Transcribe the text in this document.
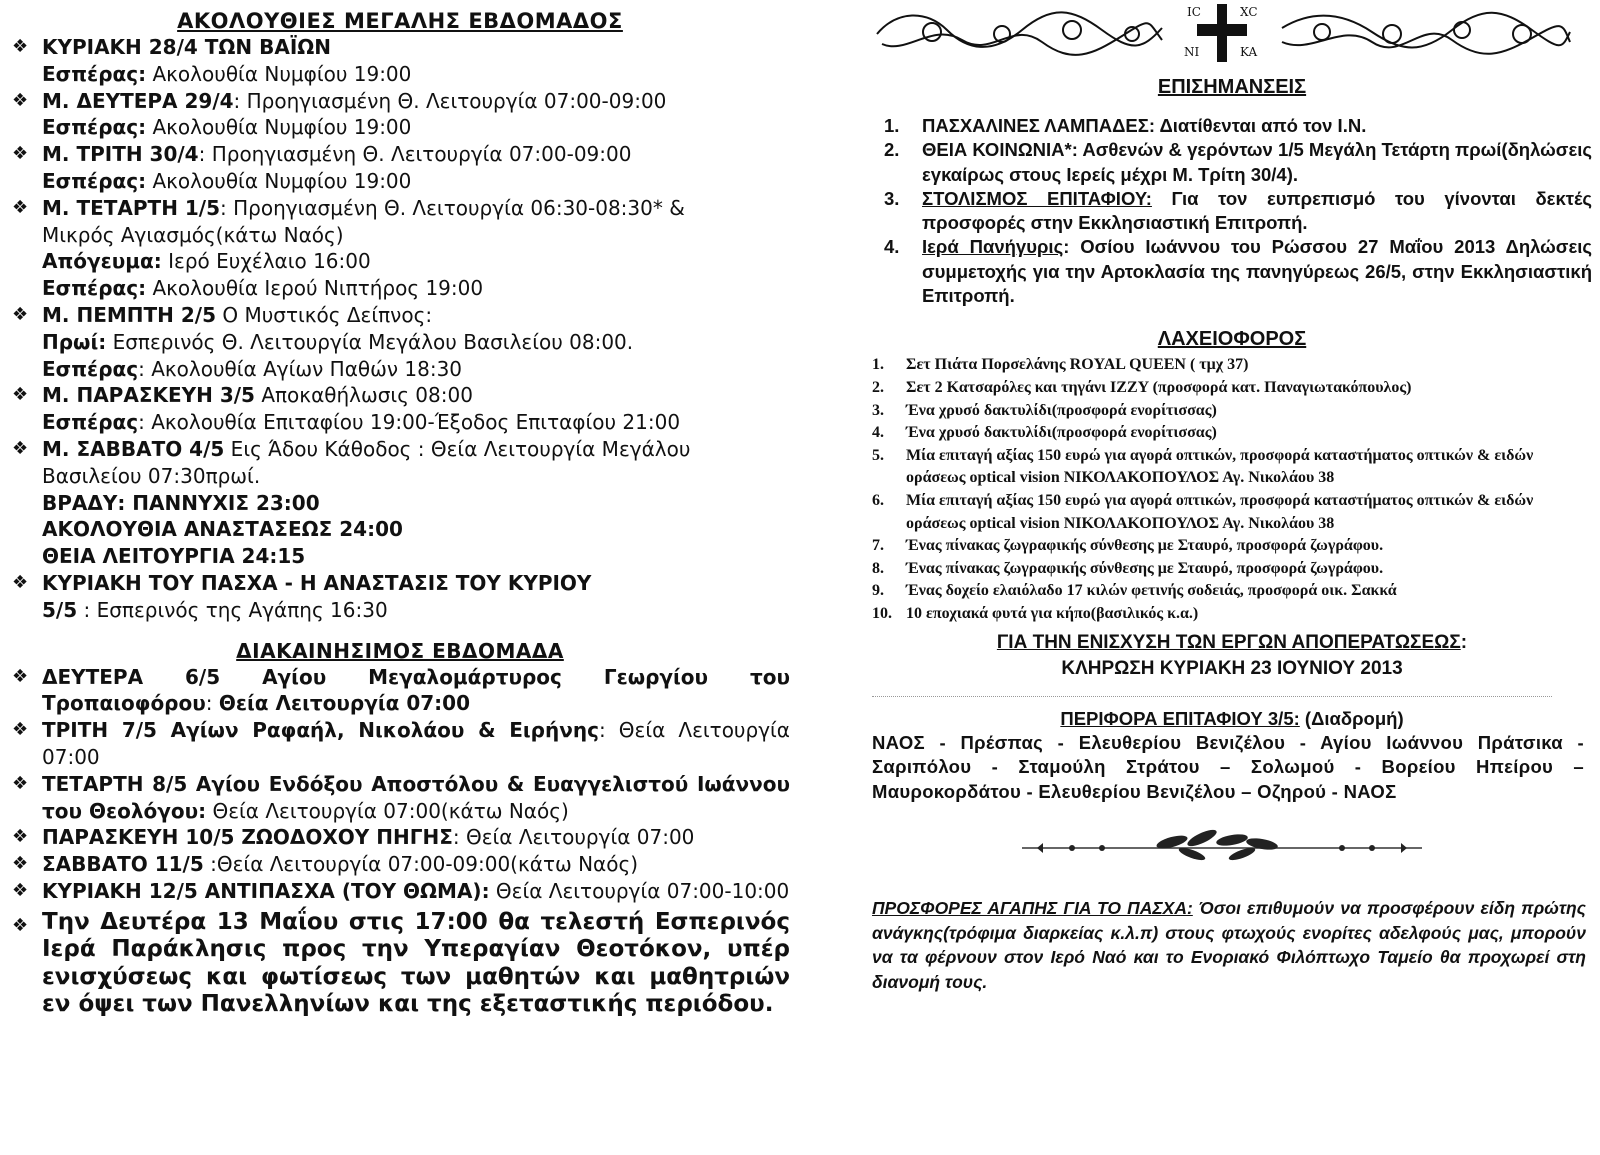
ΑΚΟΛΟΥΘΙΕΣ ΜΕΓΑΛΗΣ ΕΒΔΟΜΑΔΟΣ
❖ ΚΥΡΙΑΚΗ 28/4 ΤΩΝ ΒΑΪΩΝ
Εσπέρας: Ακολουθία Νυμφίου 19:00
❖ Μ. ΔΕΥΤΕΡΑ 29/4: Προηγιασμένη Θ. Λειτουργία 07:00-09:00
Εσπέρας: Ακολουθία Νυμφίου 19:00
❖ Μ. ΤΡΙΤΗ 30/4: Προηγιασμένη Θ. Λειτουργία 07:00-09:00
Εσπέρας: Ακολουθία Νυμφίου 19:00
❖ Μ. ΤΕΤΑΡΤΗ 1/5: Προηγιασμένη Θ. Λειτουργία 06:30-08:30* &
Μικρός Αγιασμός(κάτω Ναός)
Απόγευμα: Ιερό Ευχέλαιο 16:00
Εσπέρας: Ακολουθία Ιερού Νιπτήρος 19:00
❖ Μ. ΠΕΜΠΤΗ 2/5 Ο Μυστικός Δείπνος:
Πρωί: Εσπερινός Θ. Λειτουργία Μεγάλου Βασιλείου 08:00.
Εσπέρας: Ακολουθία Αγίων Παθών 18:30
❖ Μ. ΠΑΡΑΣΚΕΥΗ 3/5 Αποκαθήλωσις 08:00
Εσπέρας: Ακολουθία Επιταφίου 19:00-Έξοδος Επιταφίου 21:00
❖ Μ. ΣΑΒΒΑΤΟ 4/5 Εις Άδου Κάθοδος : Θεία Λειτουργία Μεγάλου
Βασιλείου 07:30πρωί.
ΒΡΑΔΥ: ΠΑΝΝΥΧΙΣ 23:00
ΑΚΟΛΟΥΘΙΑ ΑΝΑΣΤΑΣΕΩΣ 24:00
ΘΕΙΑ ΛΕΙΤΟΥΡΓΙΑ 24:15
❖ ΚΥΡΙΑΚΗ ΤΟΥ ΠΑΣΧΑ - Η ΑΝΑΣΤΑΣΙΣ ΤΟΥ ΚΥΡΙΟΥ
5/5 : Εσπερινός της Αγάπης 16:30
ΔΙΑΚΑΙΝΗΣΙΜΟΣ ΕΒΔΟΜΑΔΑ
❖ ΔΕΥΤΕΡΑ 6/5 Αγίου Μεγαλομάρτυρος Γεωργίου του Τροπαιοφόρου: Θεία Λειτουργία 07:00
❖ ΤΡΙΤΗ 7/5 Αγίων Ραφαήλ, Νικολάου & Ειρήνης: Θεία Λειτουργία 07:00
❖ ΤΕΤΑΡΤΗ 8/5 Αγίου Ενδόξου Αποστόλου & Ευαγγελιστού Ιωάννου του Θεολόγου: Θεία Λειτουργία 07:00(κάτω Ναός)
❖ ΠΑΡΑΣΚΕΥΗ 10/5 ΖΩΟΔΟΧΟΥ ΠΗΓΗΣ: Θεία Λειτουργία 07:00
❖ ΣΑΒΒΑΤΟ 11/5 :Θεία Λειτουργία 07:00-09:00(κάτω Ναός)
❖ ΚΥΡΙΑΚΗ 12/5 ΑΝΤΙΠΑΣΧΑ (ΤΟΥ ΘΩΜΑ): Θεία Λειτουργία 07:00-10:00
❖ Την Δευτέρα 13 Μαΐου στις 17:00 θα τελεστή Εσπερινός Ιερά Παράκλησις προς την Υπεραγίαν Θεοτόκον, υπέρ ενισχύσεως και φωτίσεως των μαθητών και μαθητριών εν όψει των Πανελληνίων και της εξεταστικής περιόδου.
IC	XC
NI	KA
ΕΠΙΣΗΜΑΝΣΕΙΣ
1. ΠΑΣΧΑΛΙΝΕΣ ΛΑΜΠΑΔΕΣ: Διατίθενται από τον Ι.Ν.
2. ΘΕΙΑ ΚΟΙΝΩΝΙΑ*: Ασθενών & γερόντων 1/5 Μεγάλη Τετάρτη πρωί(δηλώσεις εγκαίρως στους Ιερείς μέχρι Μ. Τρίτη 30/4).
3. ΣΤΟΛΙΣΜΟΣ ΕΠΙΤΑΦΙΟΥ: Για τον ευπρεπισμό του γίνονται δεκτές προσφορές στην Εκκλησιαστική Επιτροπή.
4. Ιερά Πανήγυρις: Οσίου Ιωάννου του Ρώσσου 27 Μαΐου 2013 Δηλώσεις συμμετοχής για την Αρτοκλασία της πανηγύρεως 26/5, στην Εκκλησιαστική Επιτροπή.
ΛΑΧΕΙΟΦΟΡΟΣ
1. Σετ Πιάτα Πορσελάνης ROYAL QUEEN ( τμχ 37)
2. Σετ 2 Κατσαρόλες και τηγάνι IZZY (προσφορά κατ. Παναγιωτακόπουλος)
3. Ένα χρυσό δακτυλίδι(προσφορά ενορίτισσας)
4. Ένα χρυσό δακτυλίδι(προσφορά ενορίτισσας)
5. Μία επιταγή αξίας 150 ευρώ για αγορά οπτικών, προσφορά καταστήματος οπτικών & ειδών οράσεως optical vision ΝΙΚΟΛΑΚΟΠΟΥΛΟΣ Αγ. Νικολάου 38
6. Μία επιταγή αξίας 150 ευρώ για αγορά οπτικών, προσφορά καταστήματος οπτικών & ειδών οράσεως optical vision ΝΙΚΟΛΑΚΟΠΟΥΛΟΣ Αγ. Νικολάου 38
7. Ένας πίνακας ζωγραφικής σύνθεσης με Σταυρό, προσφορά ζωγράφου.
8. Ένας πίνακας ζωγραφικής σύνθεσης με Σταυρό, προσφορά ζωγράφου.
9. Ένας δοχείο ελαιόλαδο 17 κιλών φετινής σοδειάς, προσφορά οικ. Σακκά
10. 10 εποχιακά φυτά για κήπο(βασιλικός κ.α.)
ΓΙΑ ΤΗΝ ΕΝΙΣΧΥΣΗ ΤΩΝ ΕΡΓΩΝ ΑΠΟΠΕΡΑΤΩΣΕΩΣ:
ΚΛΗΡΩΣΗ ΚΥΡΙΑΚΗ 23 ΙΟΥΝΙΟΥ 2013
ΠΕΡΙΦΟΡΑ ΕΠΙΤΑΦΙΟΥ 3/5: (Διαδρομή)
ΝΑΟΣ - Πρέσπας - Ελευθερίου Βενιζέλου - Αγίου Ιωάννου Πράτσικα - Σαριπόλου - Σταμούλη Στράτου – Σολωμού - Βορείου Ηπείρου – Μαυροκορδάτου - Ελευθερίου Βενιζέλου – Οζηρού - ΝΑΟΣ
ΠΡΟΣΦΟΡΕΣ ΑΓΑΠΗΣ ΓΙΑ ΤΟ ΠΑΣΧΑ: Όσοι επιθυμούν να προσφέρουν είδη πρώτης ανάγκης(τρόφιμα διαρκείας κ.λ.π) στους φτωχούς ενορίτες αδελφούς μας, μπορούν να τα φέρνουν στον Ιερό Ναό και το Ενοριακό Φιλόπτωχο Ταμείο θα προχωρεί στη διανομή τους.
